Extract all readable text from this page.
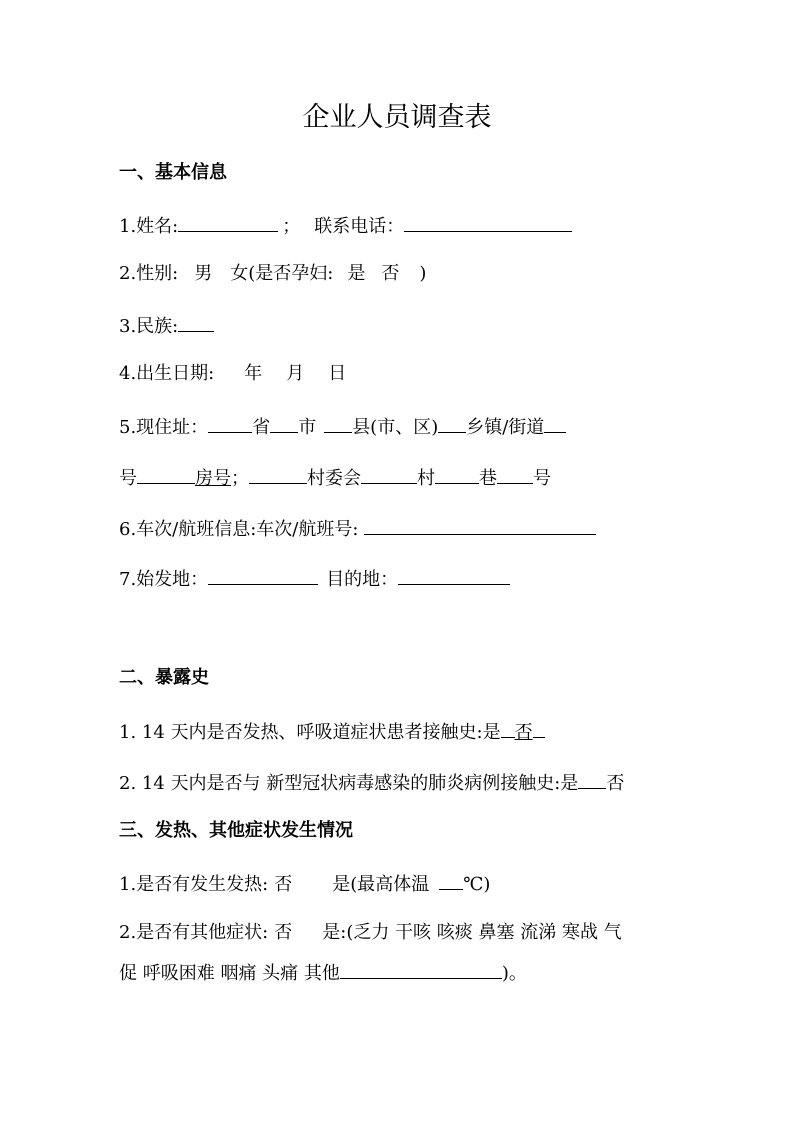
企业人员调查表
一、基本信息
1.姓名:	； 联系电话：
2.性别: 男 女(是否孕妇: 是 否 )
3.民族:
4.出生日期: 年 月 日
5.现住址： 省 市 县(市、区) 乡镇/街道
号	房号；	村委会	村 巷 号
6.车次/航班信息:车次/航班号:
7.始发地：	目的地：
二、暴露史
1. 14 天内是否发热、呼吸道症状患者接触史:是 否
2. 14 天内是否与 新型冠状病毒感染的肺炎病例接触史:是 否
三、发热、其他症状发生情况
1.是否有发生发热: 否 是(最高体温 ℃)
2.是否有其他症状: 否 是:(乏力 干咳 咳痰 鼻塞 流涕 寒战 气
促 呼吸困难 咽痛 头痛 其他	)。
